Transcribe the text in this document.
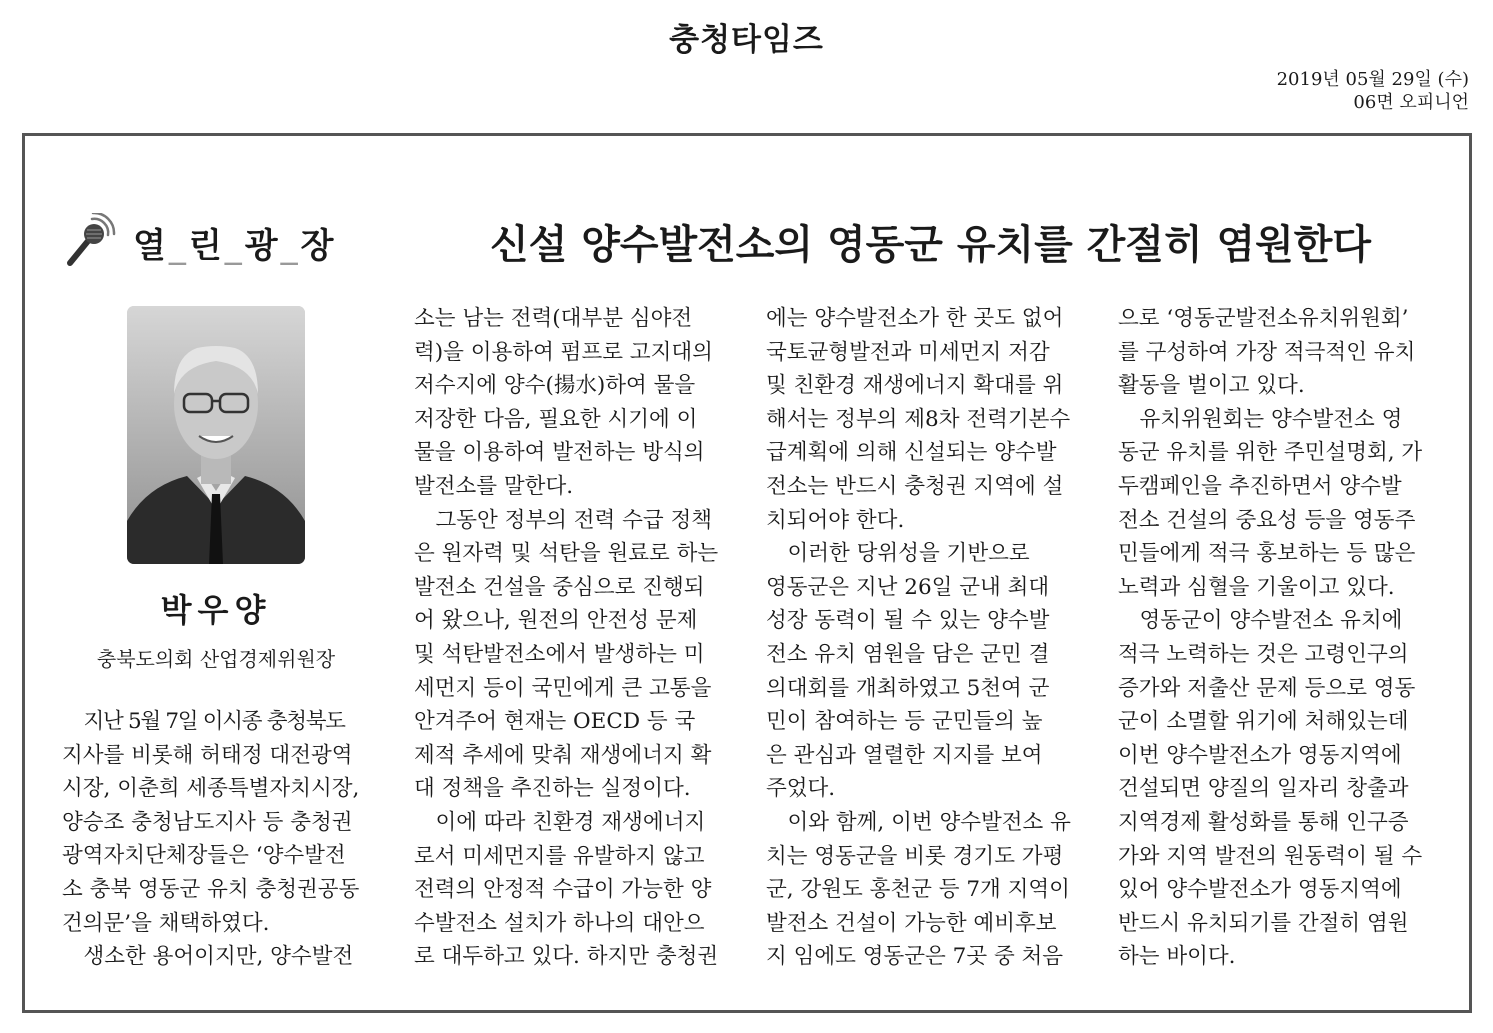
충청타임즈
2019년 05월 29일 (수)
06면 오피니언
열_린_광_장	신설 양수발전소의 영동군 유치를 간절히 염원한다
박우양
충북도의회 산업경제위원장
지난 5월 7일 이시종 충청북도
지사를 비롯해 허태정 대전광역
시장, 이춘희 세종특별자치시장,
양승조 충청남도지사 등 충청권
광역자치단체장들은 ‘양수발전
소 충북 영동군 유치 충청권공동
건의문’을 채택하였다.
생소한 용어이지만, 양수발전
소는 남는 전력(대부분 심야전
력)을 이용하여 펌프로 고지대의
저수지에 양수(揚水)하여 물을
저장한 다음, 필요한 시기에 이
물을 이용하여 발전하는 방식의
발전소를 말한다.
그동안 정부의 전력 수급 정책
은 원자력 및 석탄을 원료로 하는
발전소 건설을 중심으로 진행되
어 왔으나, 원전의 안전성 문제
및 석탄발전소에서 발생하는 미
세먼지 등이 국민에게 큰 고통을
안겨주어 현재는 OECD 등 국
제적 추세에 맞춰 재생에너지 확
대 정책을 추진하는 실정이다.
이에 따라 친환경 재생에너지
로서 미세먼지를 유발하지 않고
전력의 안정적 수급이 가능한 양
수발전소 설치가 하나의 대안으
로 대두하고 있다. 하지만 충청권
에는 양수발전소가 한 곳도 없어
국토균형발전과 미세먼지 저감
및 친환경 재생에너지 확대를 위
해서는 정부의 제8차 전력기본수
급계획에 의해 신설되는 양수발
전소는 반드시 충청권 지역에 설
치되어야 한다.
이러한 당위성을 기반으로
영동군은 지난 26일 군내 최대
성장 동력이 될 수 있는 양수발
전소 유치 염원을 담은 군민 결
의대회를 개최하였고 5천여 군
민이 참여하는 등 군민들의 높
은 관심과 열렬한 지지를 보여
주었다.
이와 함께, 이번 양수발전소 유
치는 영동군을 비롯 경기도 가평
군, 강원도 홍천군 등 7개 지역이
발전소 건설이 가능한 예비후보
지 임에도 영동군은 7곳 중 처음
으로 ‘영동군발전소유치위원회’
를 구성하여 가장 적극적인 유치
활동을 벌이고 있다.
유치위원회는 양수발전소 영
동군 유치를 위한 주민설명회, 가
두캠페인을 추진하면서 양수발
전소 건설의 중요성 등을 영동주
민들에게 적극 홍보하는 등 많은
노력과 심혈을 기울이고 있다.
영동군이 양수발전소 유치에
적극 노력하는 것은 고령인구의
증가와 저출산 문제 등으로 영동
군이 소멸할 위기에 처해있는데
이번 양수발전소가 영동지역에
건설되면 양질의 일자리 창출과
지역경제 활성화를 통해 인구증
가와 지역 발전의 원동력이 될 수
있어 양수발전소가 영동지역에
반드시 유치되기를 간절히 염원
하는 바이다.
